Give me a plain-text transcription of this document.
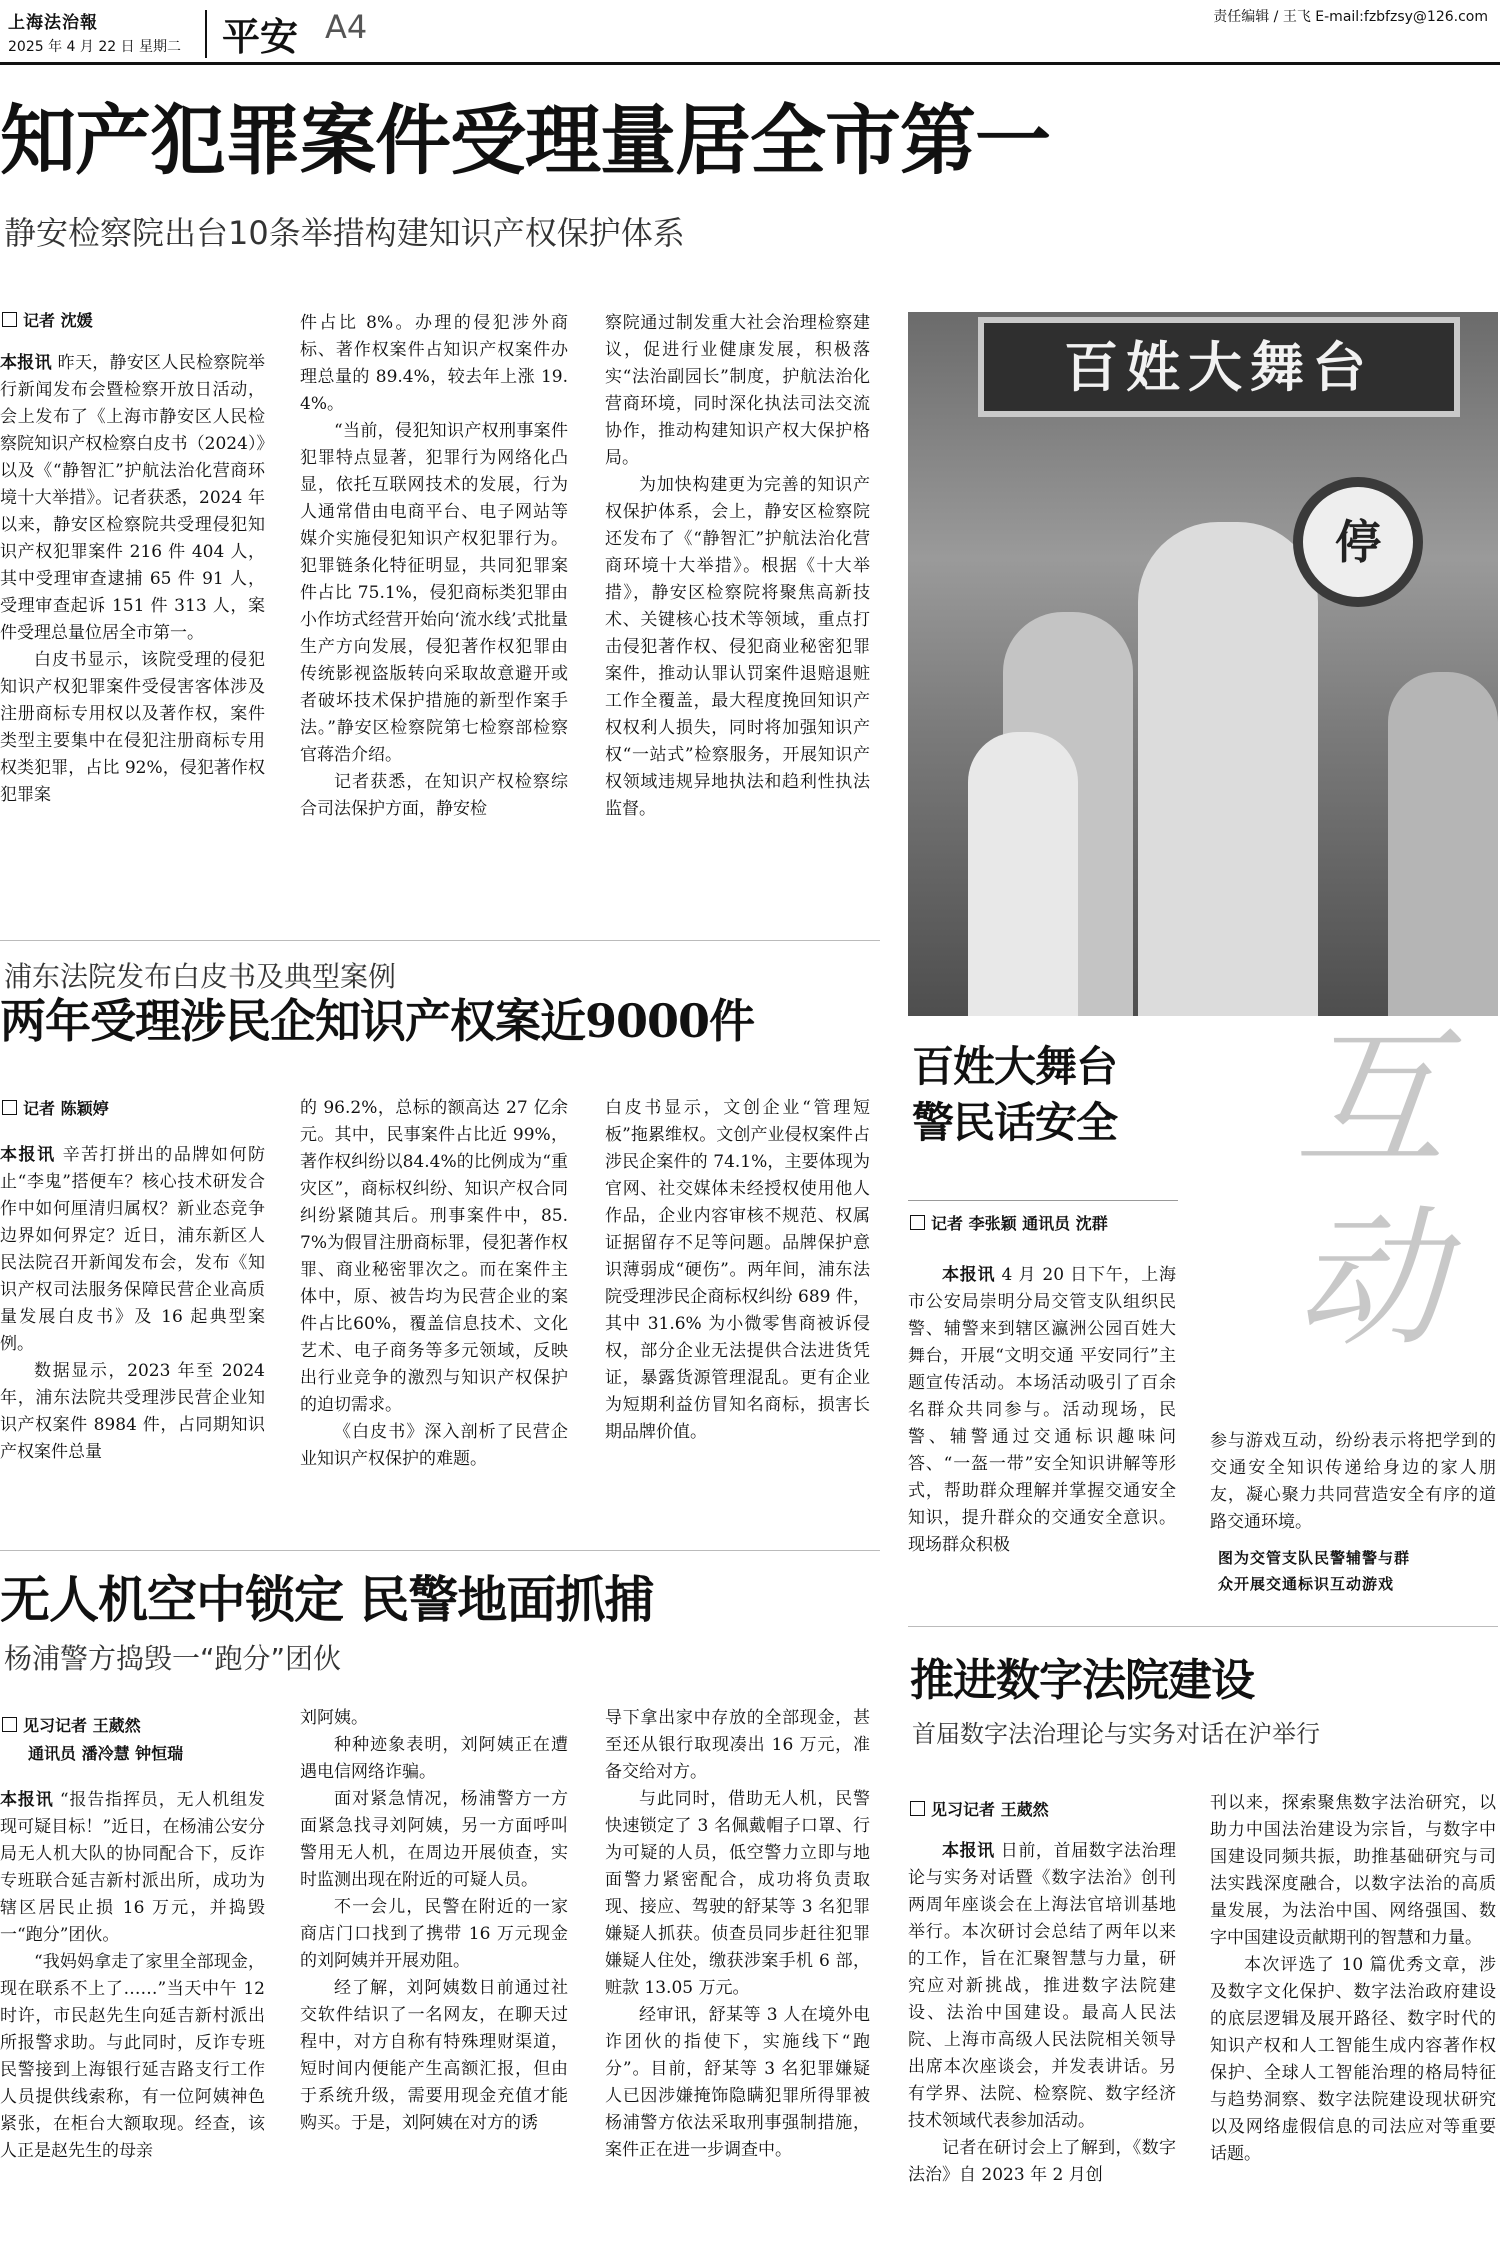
上海法治報
2025 年 4 月 22 日 星期二 平安 A4	责任编辑 / 王飞 E-mail:fzbfzsy@126.com
知产犯罪案件受理量居全市第一
静安检察院出台10条举措构建知识产权保护体系
记者 沈媛

本报讯 昨天，静安区人民检察院举行新闻发布会暨检察开放日活动，会上发布了《上海市静安区人民检察院知识产权检察白皮书（2024）》以及《“静智汇”护航法治化营商环境十大举措》。记者获悉，2024 年以来，静安区检察院共受理侵犯知识产权犯罪案件 216 件 404 人，其中受理审查逮捕 65 件 91 人，受理审查起诉 151 件 313 人，案件受理总量位居全市第一。

白皮书显示，该院受理的侵犯知识产权犯罪案件受侵害客体涉及注册商标专用权以及著作权，案件类型主要集中在侵犯注册商标专用权类犯罪，占比 92%，侵犯著作权犯罪案

件占比 8%。办理的侵犯涉外商标、著作权案件占知识产权案件办理总量的 89.4%，较去年上涨 19.4%。

“当前，侵犯知识产权刑事案件犯罪特点显著，犯罪行为网络化凸显，依托互联网技术的发展，行为人通常借由电商平台、电子网站等媒介实施侵犯知识产权犯罪行为。犯罪链条化特征明显，共同犯罪案件占比 75.1%，侵犯商标类犯罪由小作坊式经营开始向‘流水线’式批量生产方向发展，侵犯著作权犯罪由传统影视盗版转向采取故意避开或者破坏技术保护措施的新型作案手法。”静安区检察院第七检察部检察官蒋浩介绍。

记者获悉，在知识产权检察综合司法保护方面，静安检

察院通过制发重大社会治理检察建议，促进行业健康发展，积极落实“法治副园长”制度，护航法治化营商环境，同时深化执法司法交流协作，推动构建知识产权大保护格局。

为加快构建更为完善的知识产权保护体系，会上，静安区检察院还发布了《“静智汇”护航法治化营商环境十大举措》。根据《十大举措》，静安区检察院将聚焦高新技术、关键核心技术等领域，重点打击侵犯著作权、侵犯商业秘密犯罪案件，推动认罪认罚案件退赔退赃工作全覆盖，最大程度挽回知识产权权利人损失，同时将加强知识产权“一站式”检察服务，开展知识产权领域违规异地执法和趋利性执法监督。

百姓大舞台
停
浦东法院发布白皮书及典型案例
两年受理涉民企知识产权案近9000件
记者 陈颖婷

本报讯 辛苦打拼出的品牌如何防止“李鬼”搭便车？核心技术研发合作中如何厘清归属权？新业态竞争边界如何界定？近日，浦东新区人民法院召开新闻发布会，发布《知识产权司法服务保障民营企业高质量发展白皮书》及 16 起典型案例。

数据显示，2023 年至 2024 年，浦东法院共受理涉民营企业知识产权案件 8984 件，占同期知识产权案件总量

的 96.2%，总标的额高达 27 亿余元。其中，民事案件占比近 99%，著作权纠纷以84.4%的比例成为“重灾区”，商标权纠纷、知识产权合同纠纷紧随其后。刑事案件中，85.7%为假冒注册商标罪，侵犯著作权罪、商业秘密罪次之。而在案件主体中，原、被告均为民营企业的案件占比60%，覆盖信息技术、文化艺术、电子商务等多元领域，反映出行业竞争的激烈与知识产权保护的迫切需求。

《白皮书》深入剖析了民营企业知识产权保护的难题。

白皮书显示，文创企业“管理短板”拖累维权。文创产业侵权案件占涉民企案件的 74.1%，主要体现为官网、社交媒体未经授权使用他人作品，企业内容审核不规范、权属证据留存不足等问题。品牌保护意识薄弱成“硬伤”。两年间，浦东法院受理涉民企商标权纠纷 689 件，其中 31.6% 为小微零售商被诉侵权，部分企业无法提供合法进货凭证，暴露货源管理混乱。更有企业为短期利益仿冒知名商标，损害长期品牌价值。

无人机空中锁定 民警地面抓捕
杨浦警方捣毁一“跑分”团伙
见习记者 王葳然
通讯员 潘冷慧 钟恒瑞

本报讯 “报告指挥员，无人机组发现可疑目标！”近日，在杨浦公安分局无人机大队的协同配合下，反诈专班联合延吉新村派出所，成功为辖区居民止损 16 万元，并捣毁一“跑分”团伙。

“我妈妈拿走了家里全部现金，现在联系不上了……”当天中午 12 时许，市民赵先生向延吉新村派出所报警求助。与此同时，反诈专班民警接到上海银行延吉路支行工作人员提供线索称，有一位阿姨神色紧张，在柜台大额取现。经查，该人正是赵先生的母亲

刘阿姨。

种种迹象表明，刘阿姨正在遭遇电信网络诈骗。

面对紧急情况，杨浦警方一方面紧急找寻刘阿姨，另一方面呼叫警用无人机，在周边开展侦查，实时监测出现在附近的可疑人员。

不一会儿，民警在附近的一家商店门口找到了携带 16 万元现金的刘阿姨并开展劝阻。

经了解，刘阿姨数日前通过社交软件结识了一名网友，在聊天过程中，对方自称有特殊理财渠道，短时间内便能产生高额汇报，但由于系统升级，需要用现金充值才能购买。于是，刘阿姨在对方的诱

导下拿出家中存放的全部现金，甚至还从银行取现凑出 16 万元，准备交给对方。

与此同时，借助无人机，民警快速锁定了 3 名佩戴帽子口罩、行为可疑的人员，低空警力立即与地面警力紧密配合，成功将负责取现、接应、驾驶的舒某等 3 名犯罪嫌疑人抓获。侦查员同步赶往犯罪嫌疑人住处，缴获涉案手机 6 部，赃款 13.05 万元。

经审讯，舒某等 3 人在境外电诈团伙的指使下，实施线下“跑分”。目前，舒某等 3 名犯罪嫌疑人已因涉嫌掩饰隐瞒犯罪所得罪被杨浦警方依法采取刑事强制措施，案件正在进一步调查中。

互
动
百姓大舞台
警民话安全
记者 李张颖 通讯员 沈群

本报讯 4 月 20 日下午，上海市公安局崇明分局交管支队组织民警、辅警来到辖区瀛洲公园百姓大舞台，开展“文明交通 平安同行”主题宣传活动。本场活动吸引了百余名群众共同参与。活动现场，民警、辅警通过交通标识趣味问答、“一盔一带”安全知识讲解等形式，帮助群众理解并掌握交通安全知识，提升群众的交通安全意识。现场群众积极

参与游戏互动，纷纷表示将把学到的交通安全知识传递给身边的家人朋友，凝心聚力共同营造安全有序的道路交通环境。

图为交管支队民警辅警与群
众开展交通标识互动游戏
推进数字法院建设
首届数字法治理论与实务对话在沪举行
见习记者 王葳然

本报讯 日前，首届数字法治理论与实务对话暨《数字法治》创刊两周年座谈会在上海法官培训基地举行。本次研讨会总结了两年以来的工作，旨在汇聚智慧与力量，研究应对新挑战，推进数字法院建设、法治中国建设。最高人民法院、上海市高级人民法院相关领导出席本次座谈会，并发表讲话。另有学界、法院、检察院、数字经济技术领域代表参加活动。

记者在研讨会上了解到，《数字法治》自 2023 年 2 月创

刊以来，探索聚焦数字法治研究，以助力中国法治建设为宗旨，与数字中国建设同频共振，助推基础研究与司法实践深度融合，以数字法治的高质量发展，为法治中国、网络强国、数字中国建设贡献期刊的智慧和力量。

本次评选了 10 篇优秀文章，涉及数字文化保护、数字法治政府建设的底层逻辑及展开路径、数字时代的知识产权和人工智能生成内容著作权保护、全球人工智能治理的格局特征与趋势洞察、数字法院建设现状研究以及网络虚假信息的司法应对等重要话题。
